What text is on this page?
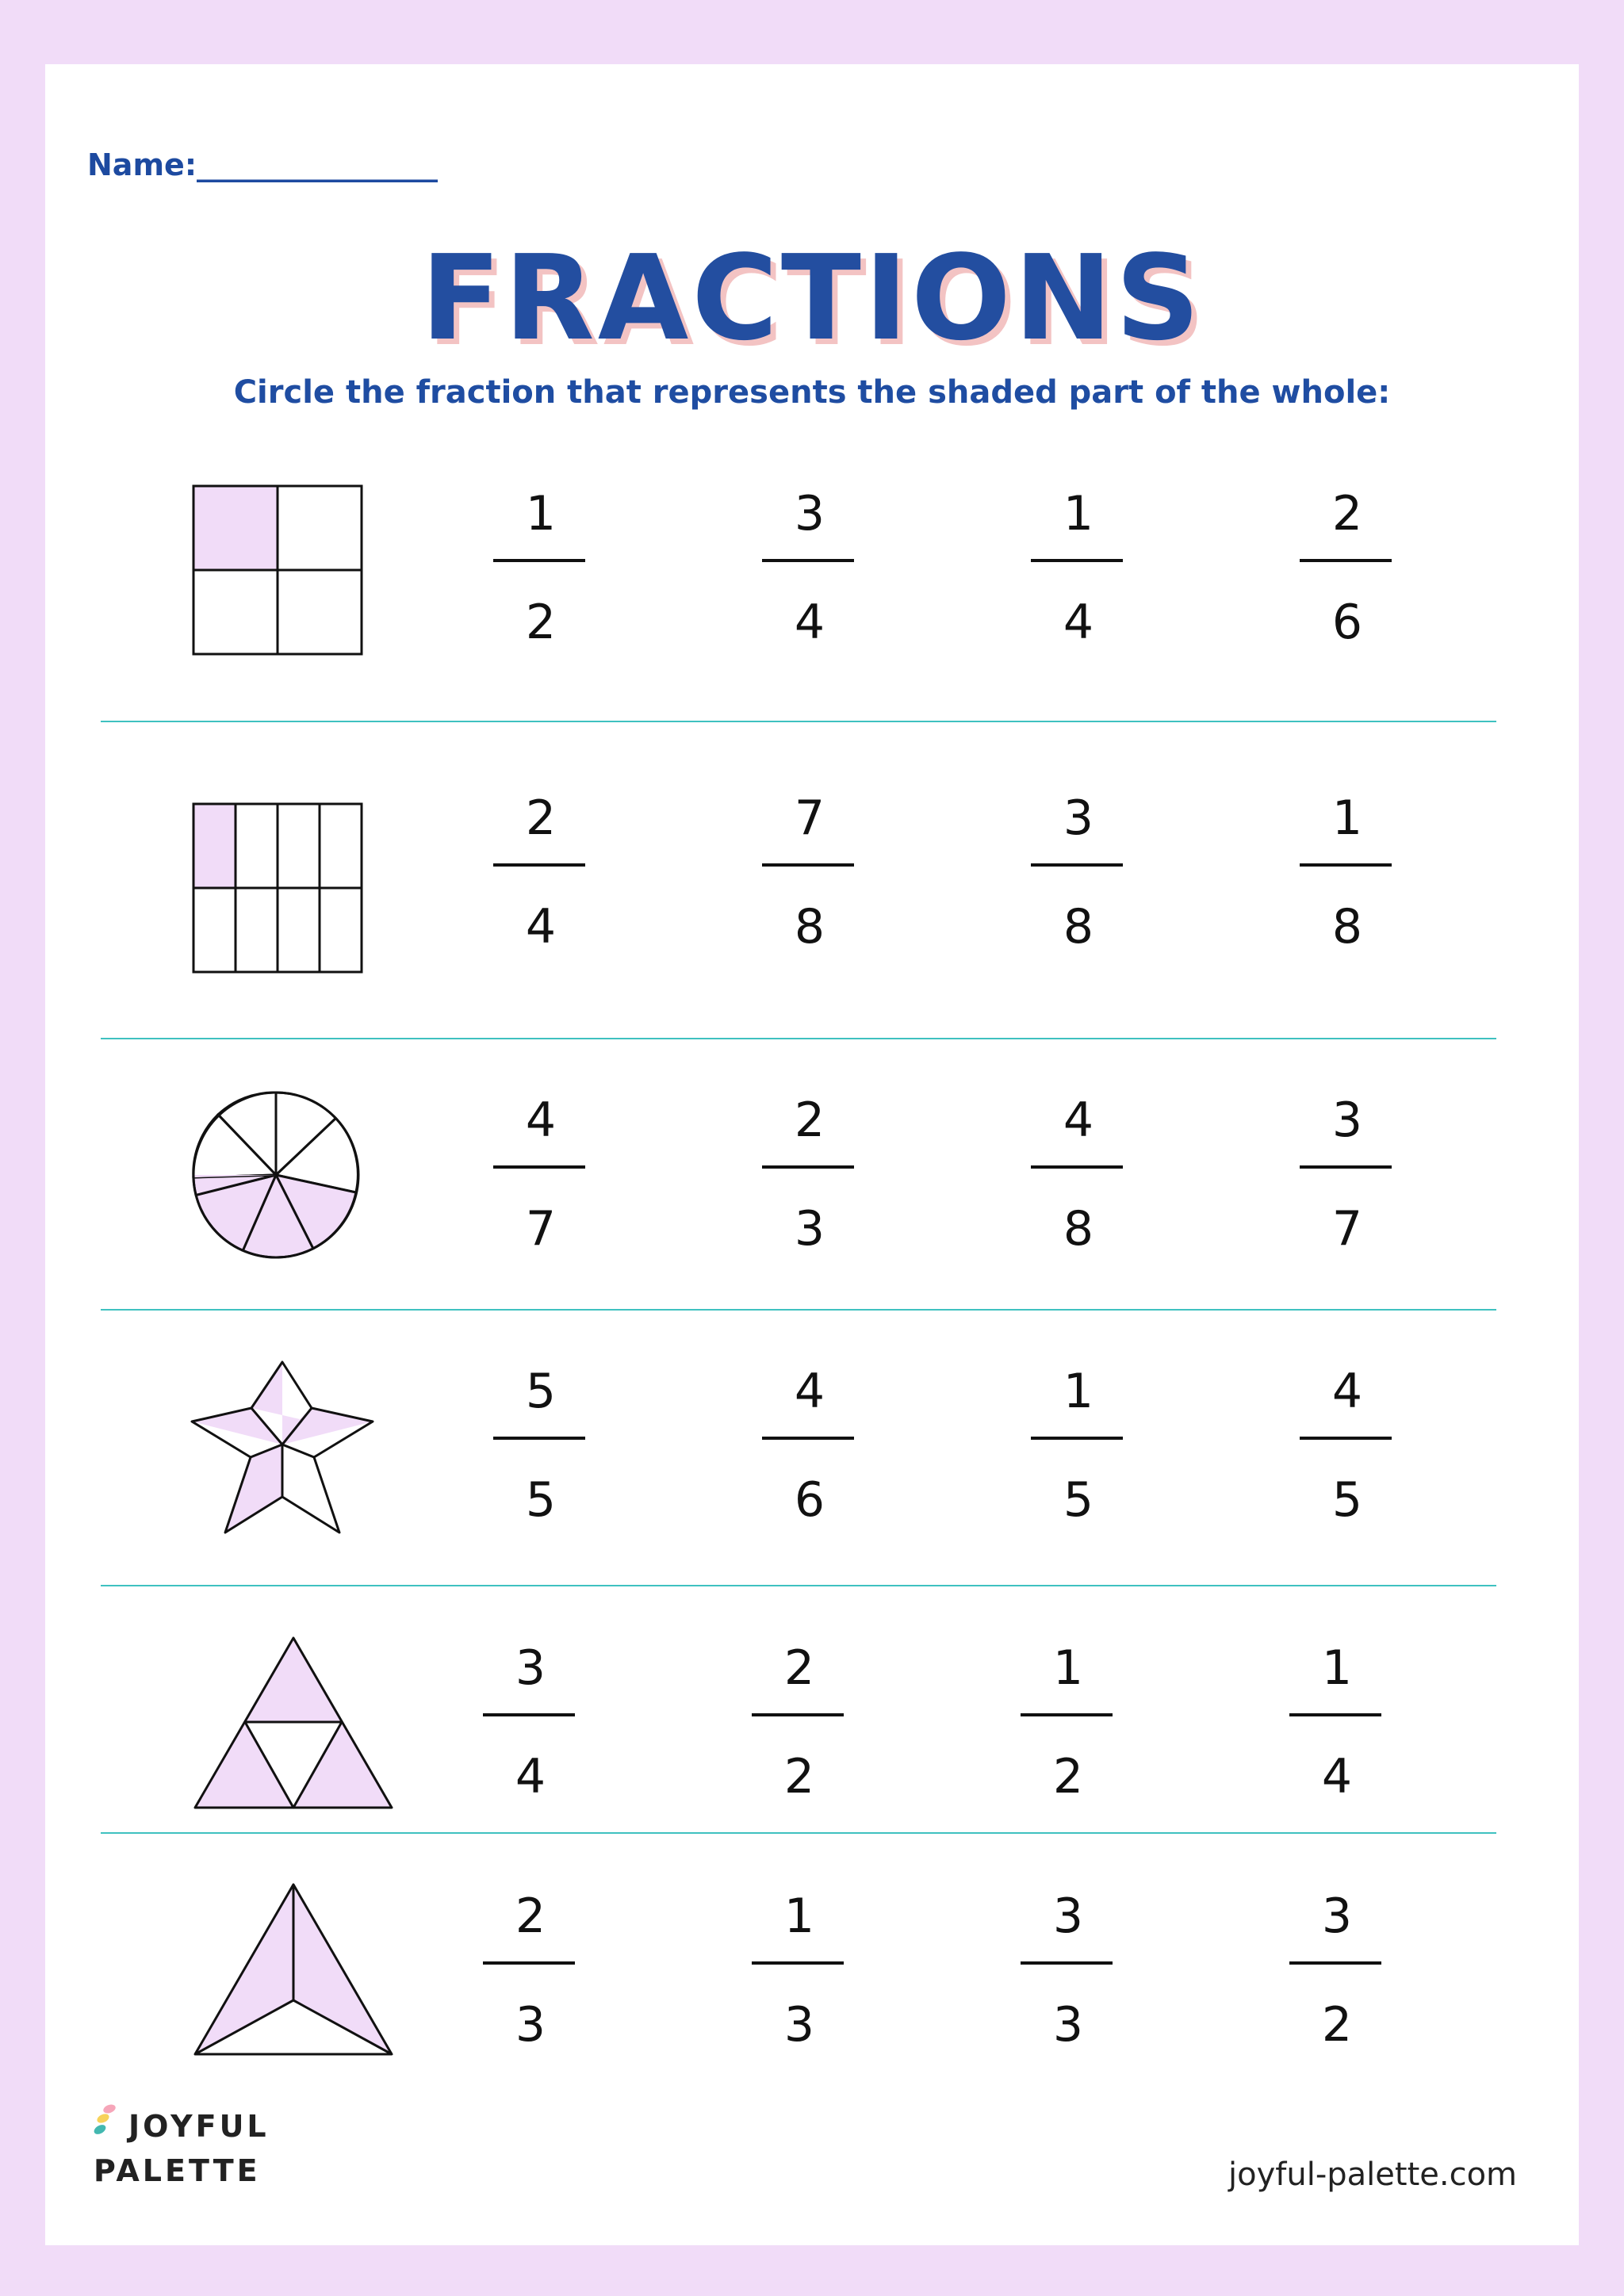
Name:________________
FRACTIONS
Circle the fraction that represents the shaded part of the whole:
1
2
3
4
1
4
2
6
2
4
7
8
3
8
1
8
4
7
2
3
4
8
3
7
5
5
4
6
1
5
4
5
3
4
2
2
1
2
1
4
2
3
1
3
3
3
3
2
JOYFUL
PALETTE	joyful-palette.com
